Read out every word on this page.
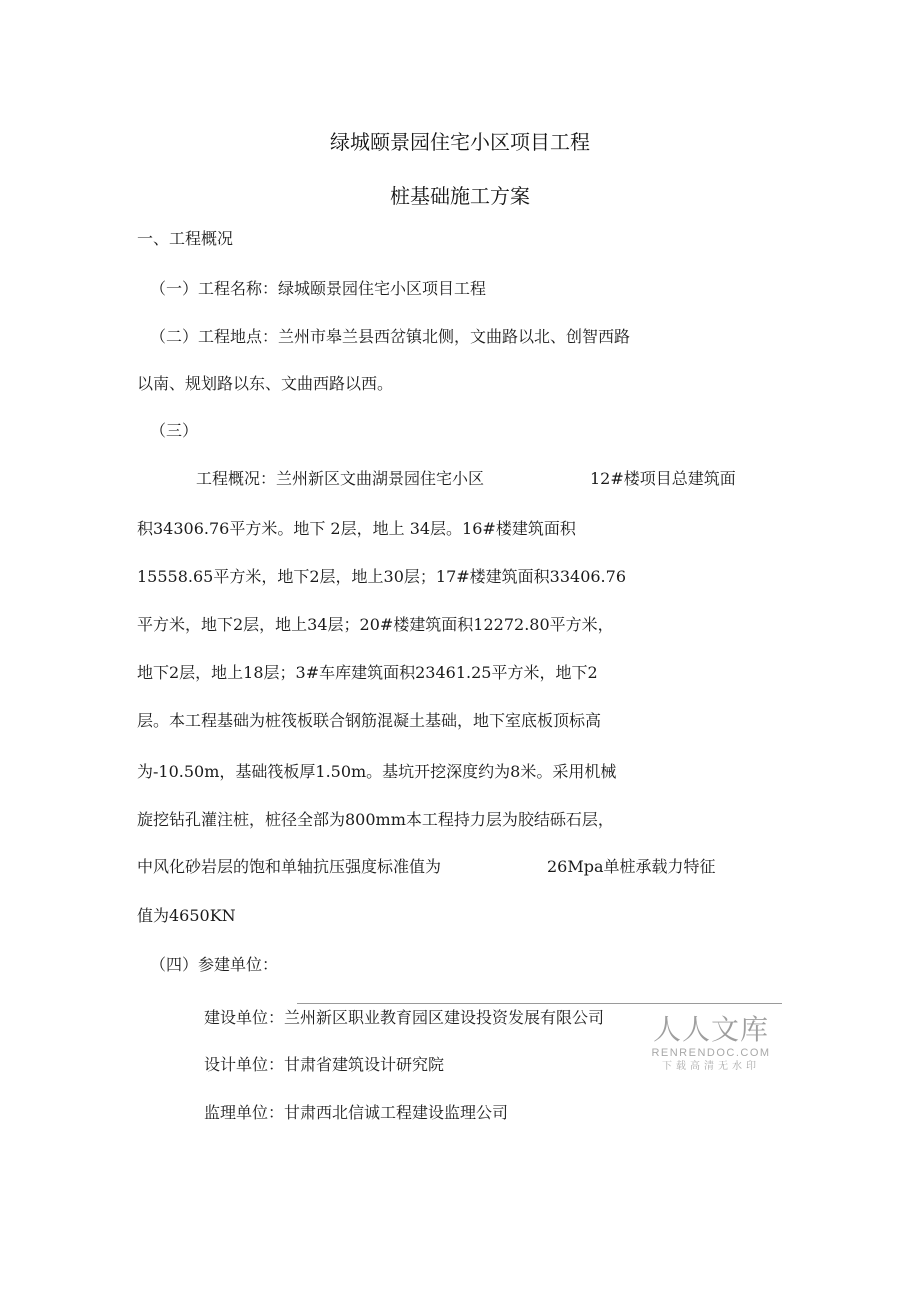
绿城颐景园住宅小区项目工程
桩基础施工方案
一、工程概况
（一）工程名称：绿城颐景园住宅小区项目工程
（二）工程地点：兰州市皋兰县西岔镇北侧，文曲路以北、创智西路
以南、规划路以东、文曲西路以西。
（三）
工程概况：兰州新区文曲湖景园住宅小区	12#楼项目总建筑面
积34306.76平方米。地下 2层，地上 34层。16#楼建筑面积
15558.65平方米，地下2层，地上30层；17#楼建筑面积33406.76
平方米，地下2层，地上34层；20#楼建筑面积12272.80平方米，
地下2层，地上18层；3#车库建筑面积23461.25平方米，地下2
层。本工程基础为桩筏板联合钢筋混凝土基础，地下室底板顶标高
为-10.50m，基础筏板厚1.50m。基坑开挖深度约为8米。采用机械
旋挖钻孔灌注桩，桩径全部为800mm本工程持力层为胶结砾石层，
中风化砂岩层的饱和单轴抗压强度标准值为	26Mpa单桩承载力特征
值为4650KN
（四）参建单位：
建设单位：兰州新区职业教育园区建设投资发展有限公司
设计单位：甘肃省建筑设计研究院
监理单位：甘肃西北信诚工程建设监理公司
人人文库
RENRENDOC.COM
下载高清无水印
